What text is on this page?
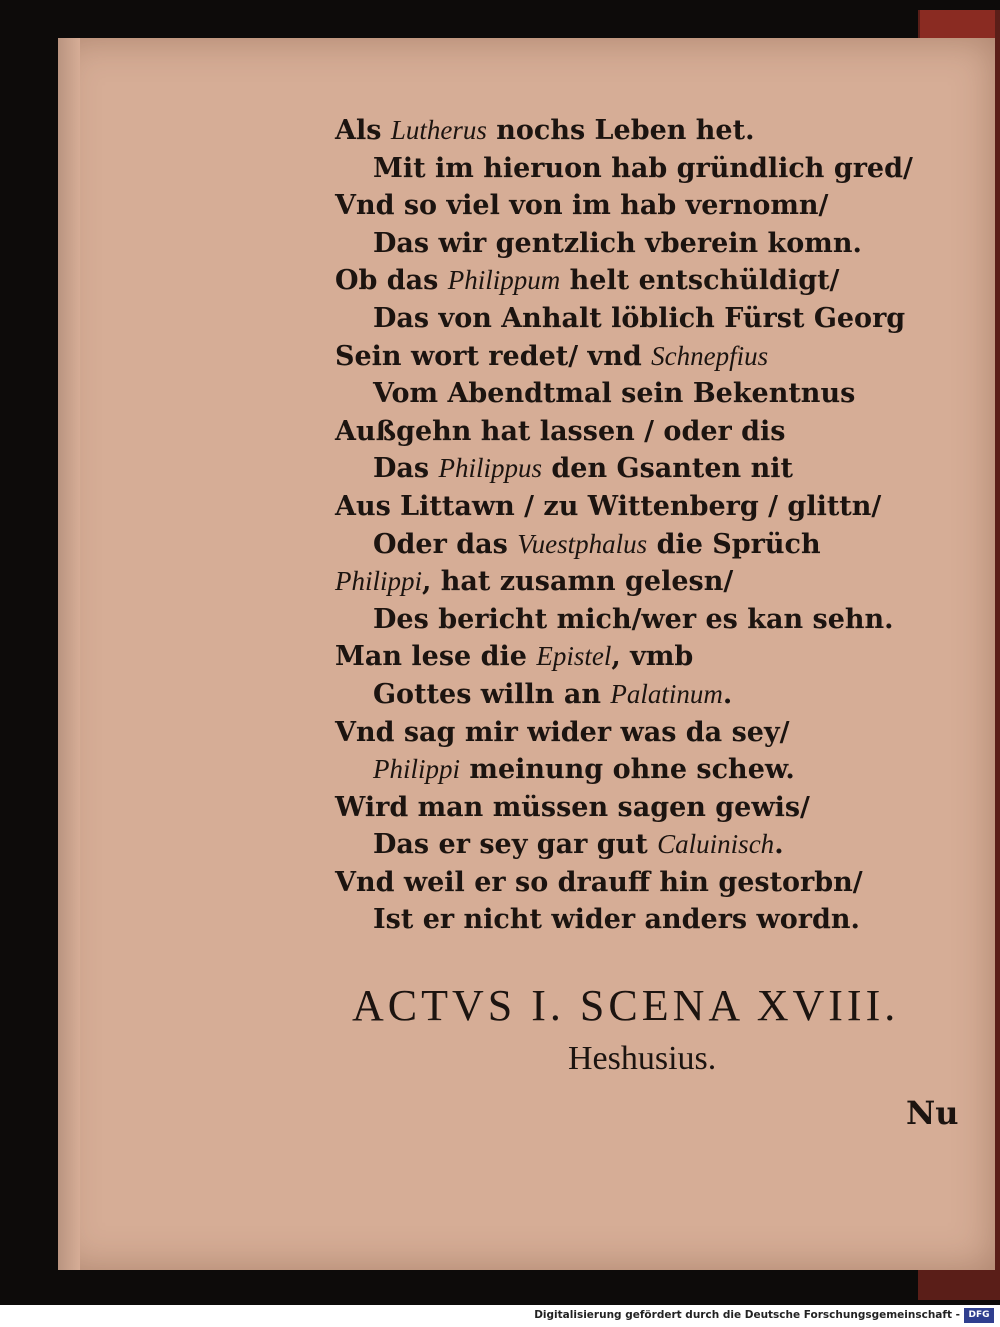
Als Lutherus nochs Leben het.
Mit im hieruon hab gründlich gred/
Vnd so viel von im hab vernomn/
Das wir gentzlich vberein komn.
Ob das Philippum helt entschüldigt/
Das von Anhalt löblich Fürst Georg
Sein wort redet/ vnd Schnepfius
Vom Abendtmal sein Bekentnus
Außgehn hat lassen / oder dis
Das Philippus den Gsanten nit
Aus Littawn / zu Wittenberg / glittn/
Oder das Vuestphalus die Sprüch
Philippi, hat zusamn gelesn/
Des bericht mich/wer es kan sehn.
Man lese die Epistel, vmb
Gottes willn an Palatinum.
Vnd sag mir wider was da sey/
Philippi meinung ohne schew.
Wird man müssen sagen gewis/
Das er sey gar gut Caluinisch.
Vnd weil er so drauff hin gestorbn/
Ist er nicht wider anders wordn.
ACTVS I. SCENA XVIII.
Heshusius.
Nu
Digitalisierung gefördert durch die Deutsche Forschungsgemeinschaft - DFG
